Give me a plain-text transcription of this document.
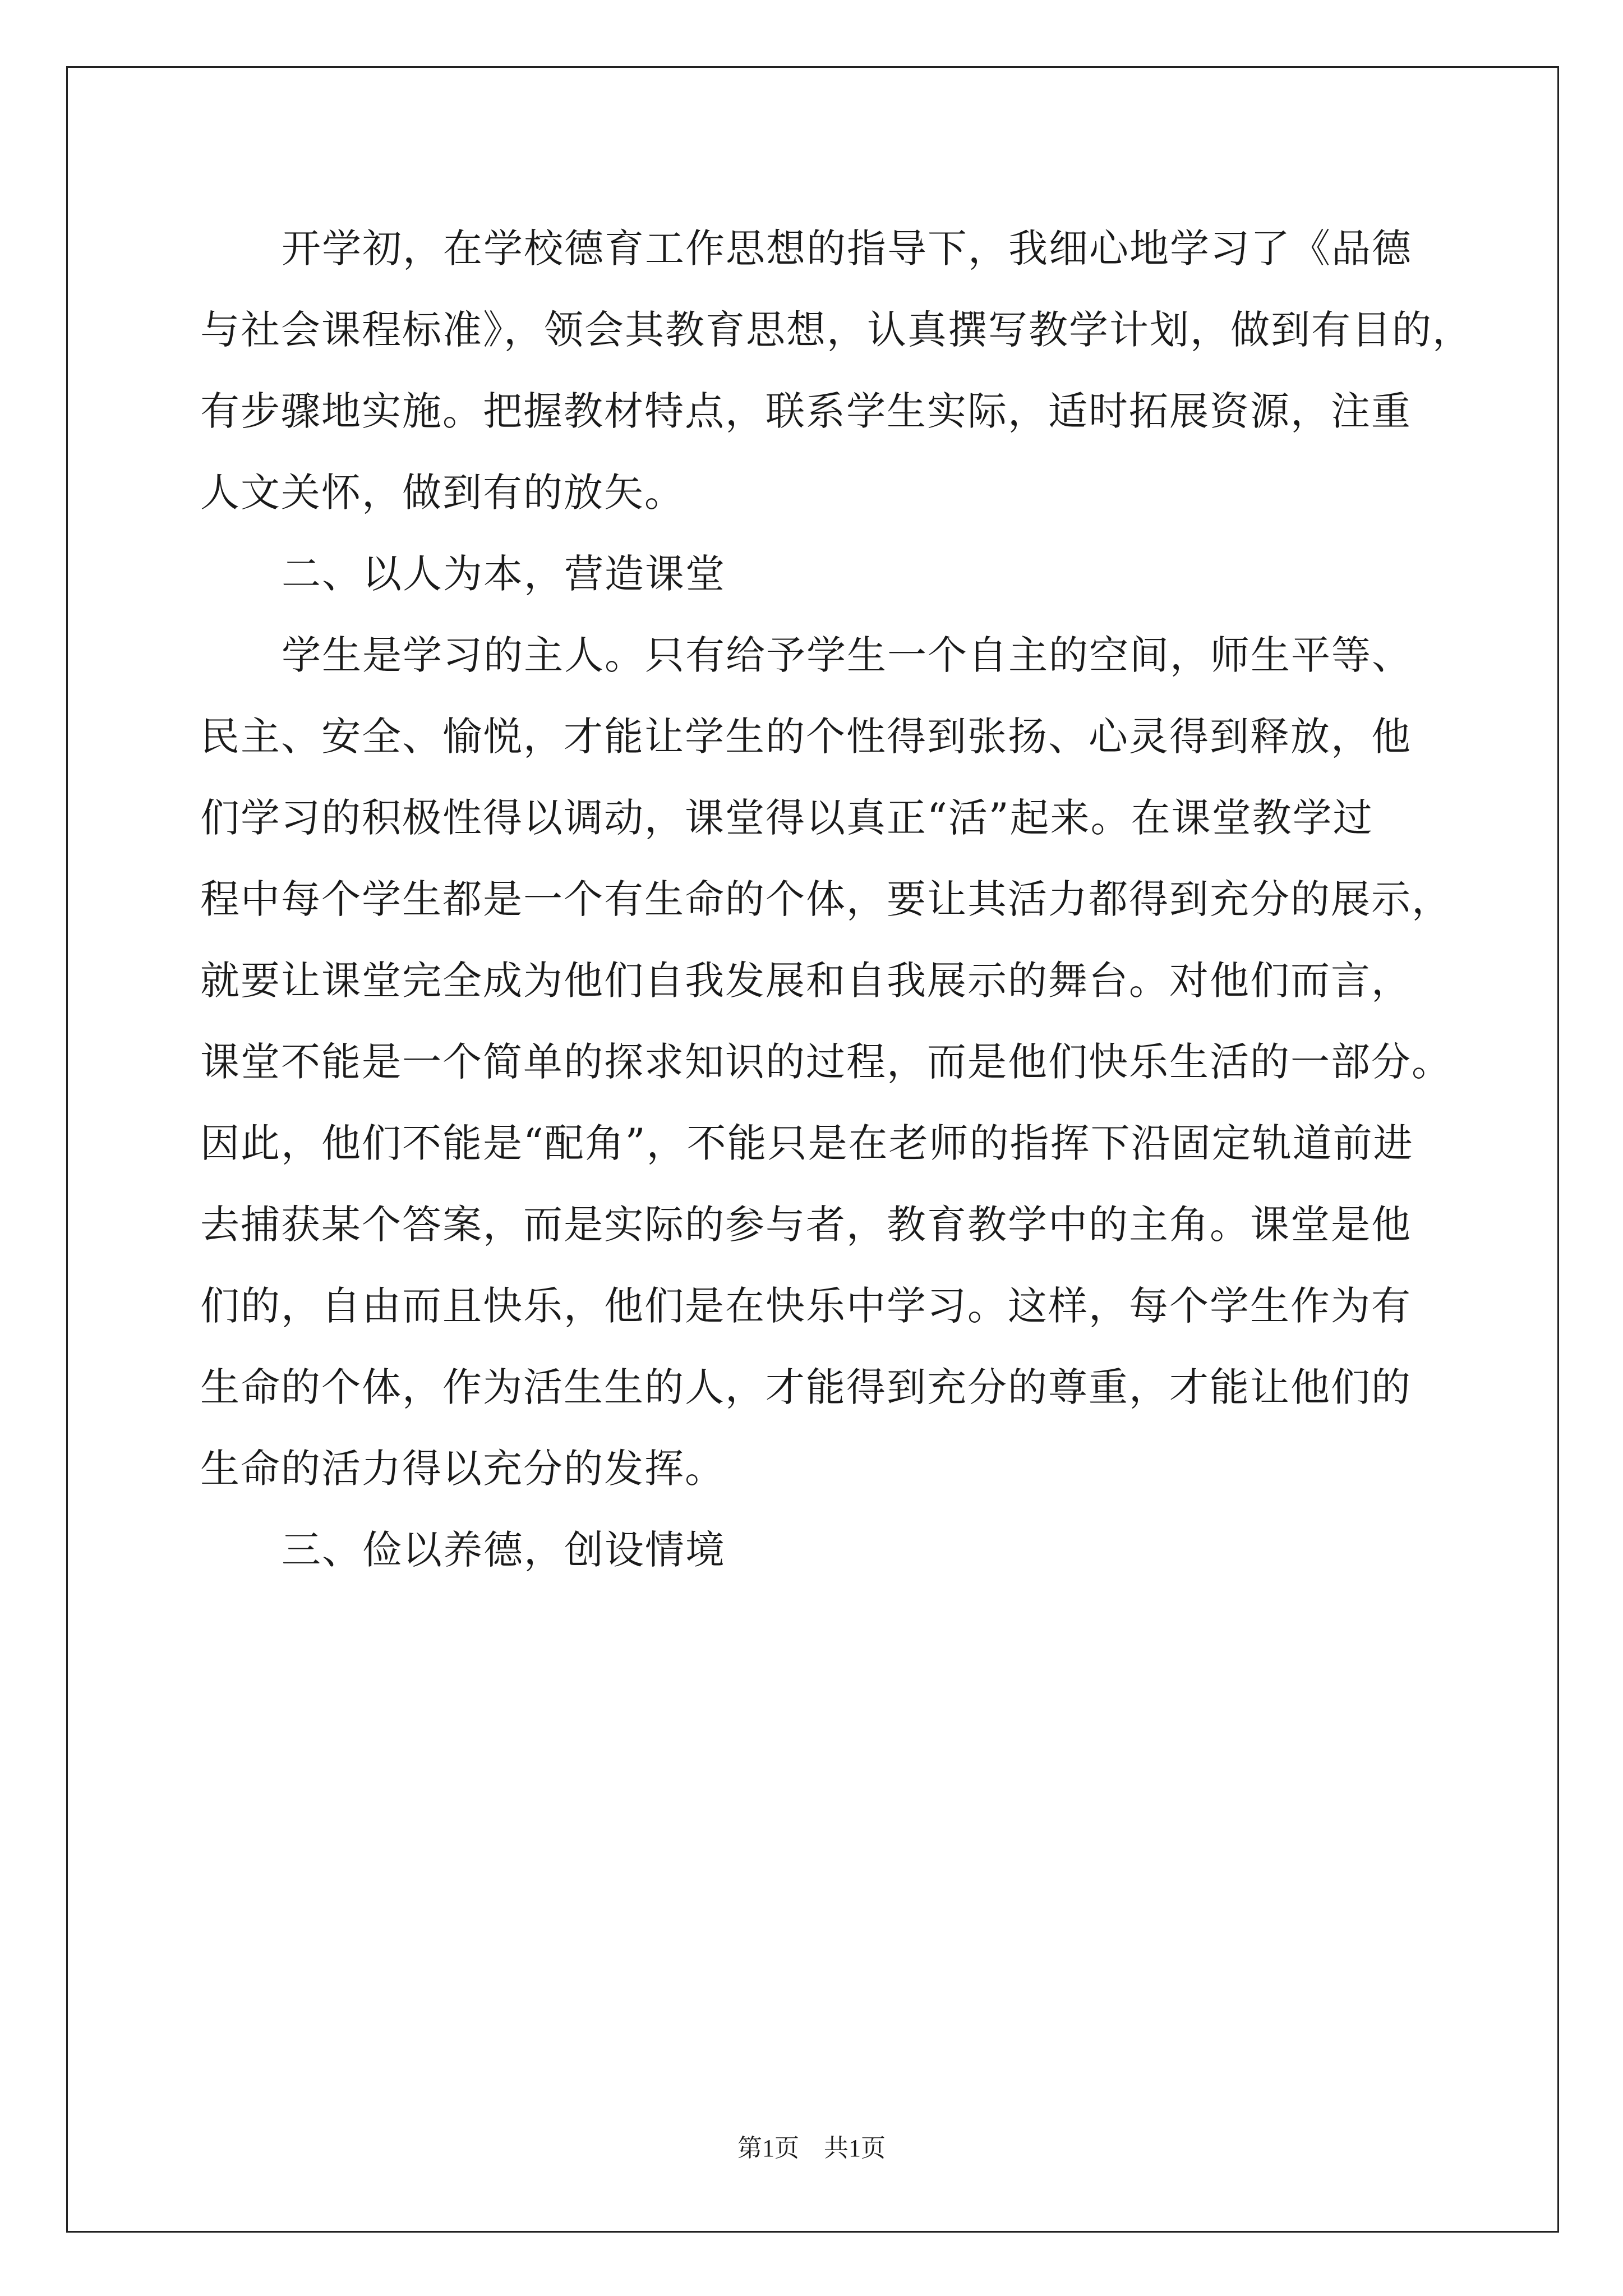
开学初，在学校德育工作思想的指导下，我细心地学习了《品德
与社会课程标准》，领会其教育思想，认真撰写教学计划，做到有目的，
有步骤地实施。把握教材特点，联系学生实际，适时拓展资源，注重
人文关怀，做到有的放矢。
二、以人为本，营造课堂
学生是学习的主人。只有给予学生一个自主的空间，师生平等、
民主、安全、愉悦，才能让学生的个性得到张扬、心灵得到释放，他
们学习的积极性得以调动，课堂得以真正“活”起来。在课堂教学过
程中每个学生都是一个有生命的个体，要让其活力都得到充分的展示，
就要让课堂完全成为他们自我发展和自我展示的舞台。对他们而言，
课堂不能是一个简单的探求知识的过程，而是他们快乐生活的一部分。
因此，他们不能是“配角”，不能只是在老师的指挥下沿固定轨道前进
去捕获某个答案，而是实际的参与者，教育教学中的主角。课堂是他
们的，自由而且快乐，他们是在快乐中学习。这样，每个学生作为有
生命的个体，作为活生生的人，才能得到充分的尊重，才能让他们的
生命的活力得以充分的发挥。
三、俭以养德，创设情境
第1页　共1页
